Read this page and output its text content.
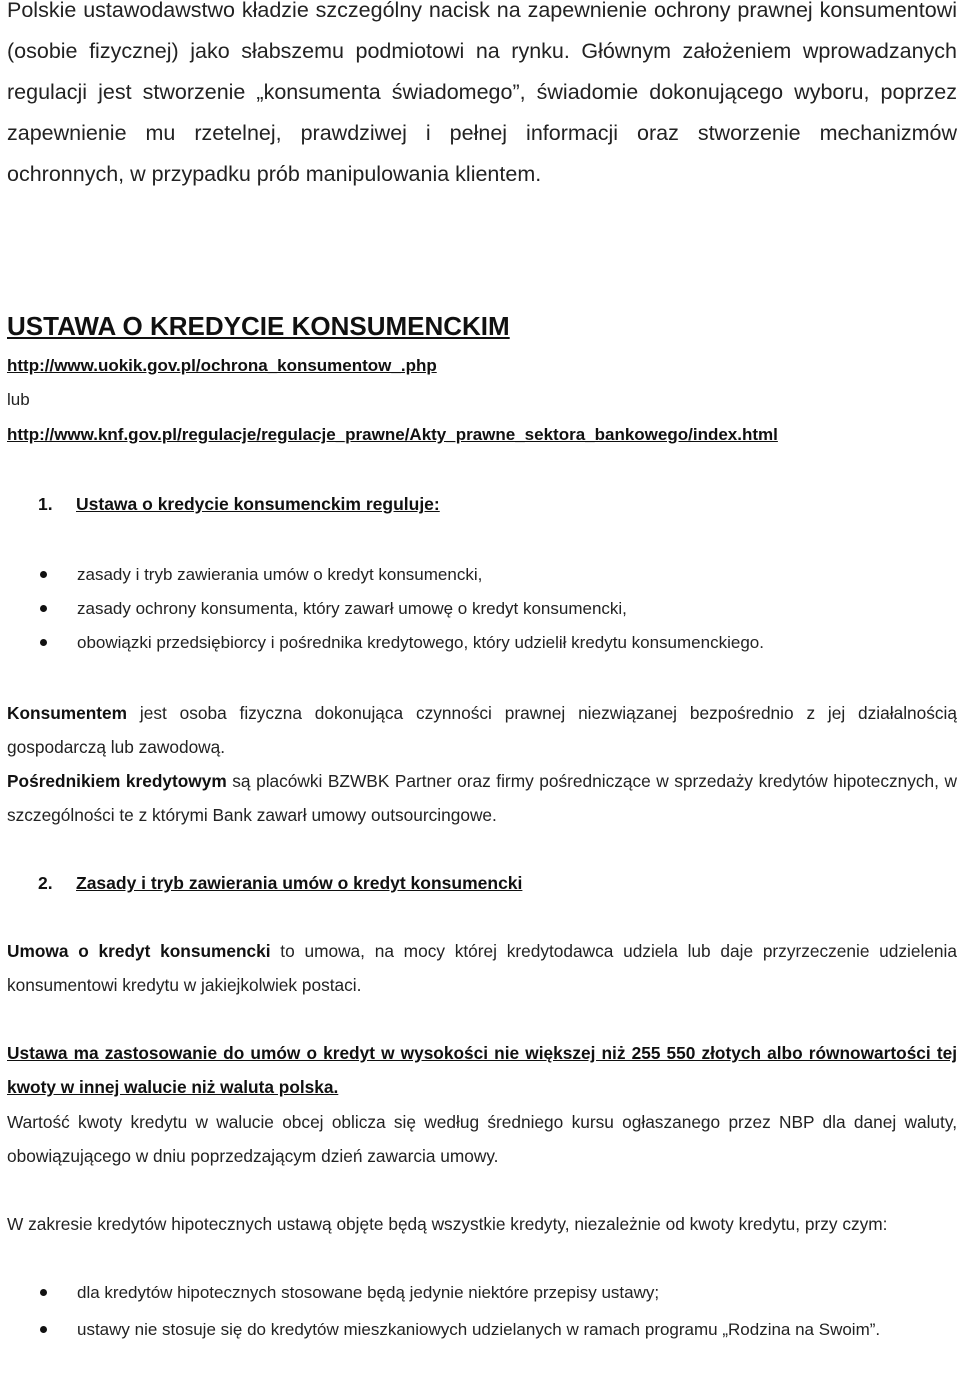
Polskie ustawodawstwo kładzie szczególny nacisk na zapewnienie ochrony prawnej konsumentowi (osobie fizycznej) jako słabszemu podmiotowi na rynku. Głównym założeniem wprowadzanych regulacji jest stworzenie „konsumenta świadomego”, świadomie dokonującego wyboru, poprzez zapewnienie mu rzetelnej, prawdziwej i pełnej informacji oraz stworzenie mechanizmów ochronnych, w przypadku prób manipulowania klientem.

USTAWA O KREDYCIE KONSUMENCKIM
http://www.uokik.gov.pl/ochrona_konsumentow_.php
lub
http://www.knf.gov.pl/regulacje/regulacje_prawne/Akty_prawne_sektora_bankowego/index.html
1. Ustawa o kredycie konsumenckim reguluje:
zasady i tryb zawierania umów o kredyt konsumencki,
zasady ochrony konsumenta, który zawarł umowę o kredyt konsumencki,
obowiązki przedsiębiorcy i pośrednika kredytowego, który udzielił kredytu konsumenckiego.

Konsumentem jest osoba fizyczna dokonująca czynności prawnej niezwiązanej bezpośrednio z jej działalnością gospodarczą lub zawodową.

Pośrednikiem kredytowym są placówki BZWBK Partner oraz firmy pośredniczące w sprzedaży kredytów hipotecznych, w szczególności te z którymi Bank zawarł umowy outsourcingowe.

2. Zasady i tryb zawierania umów o kredyt konsumencki

Umowa o kredyt konsumencki to umowa, na mocy której kredytodawca udziela lub daje przyrzeczenie udzielenia konsumentowi kredytu w jakiejkolwiek postaci.

Ustawa ma zastosowanie do umów o kredyt w wysokości nie większej niż 255 550 złotych albo równowartości tej kwoty w innej walucie niż waluta polska.

Wartość kwoty kredytu w walucie obcej oblicza się według średniego kursu ogłaszanego przez NBP dla danej waluty, obowiązującego w dniu poprzedzającym dzień zawarcia umowy.

W zakresie kredytów hipotecznych ustawą objęte będą wszystkie kredyty, niezależnie od kwoty kredytu, przy czym:

dla kredytów hipotecznych stosowane będą jedynie niektóre przepisy ustawy;
ustawy nie stosuje się do kredytów mieszkaniowych udzielanych w ramach programu „Rodzina na Swoim”.
